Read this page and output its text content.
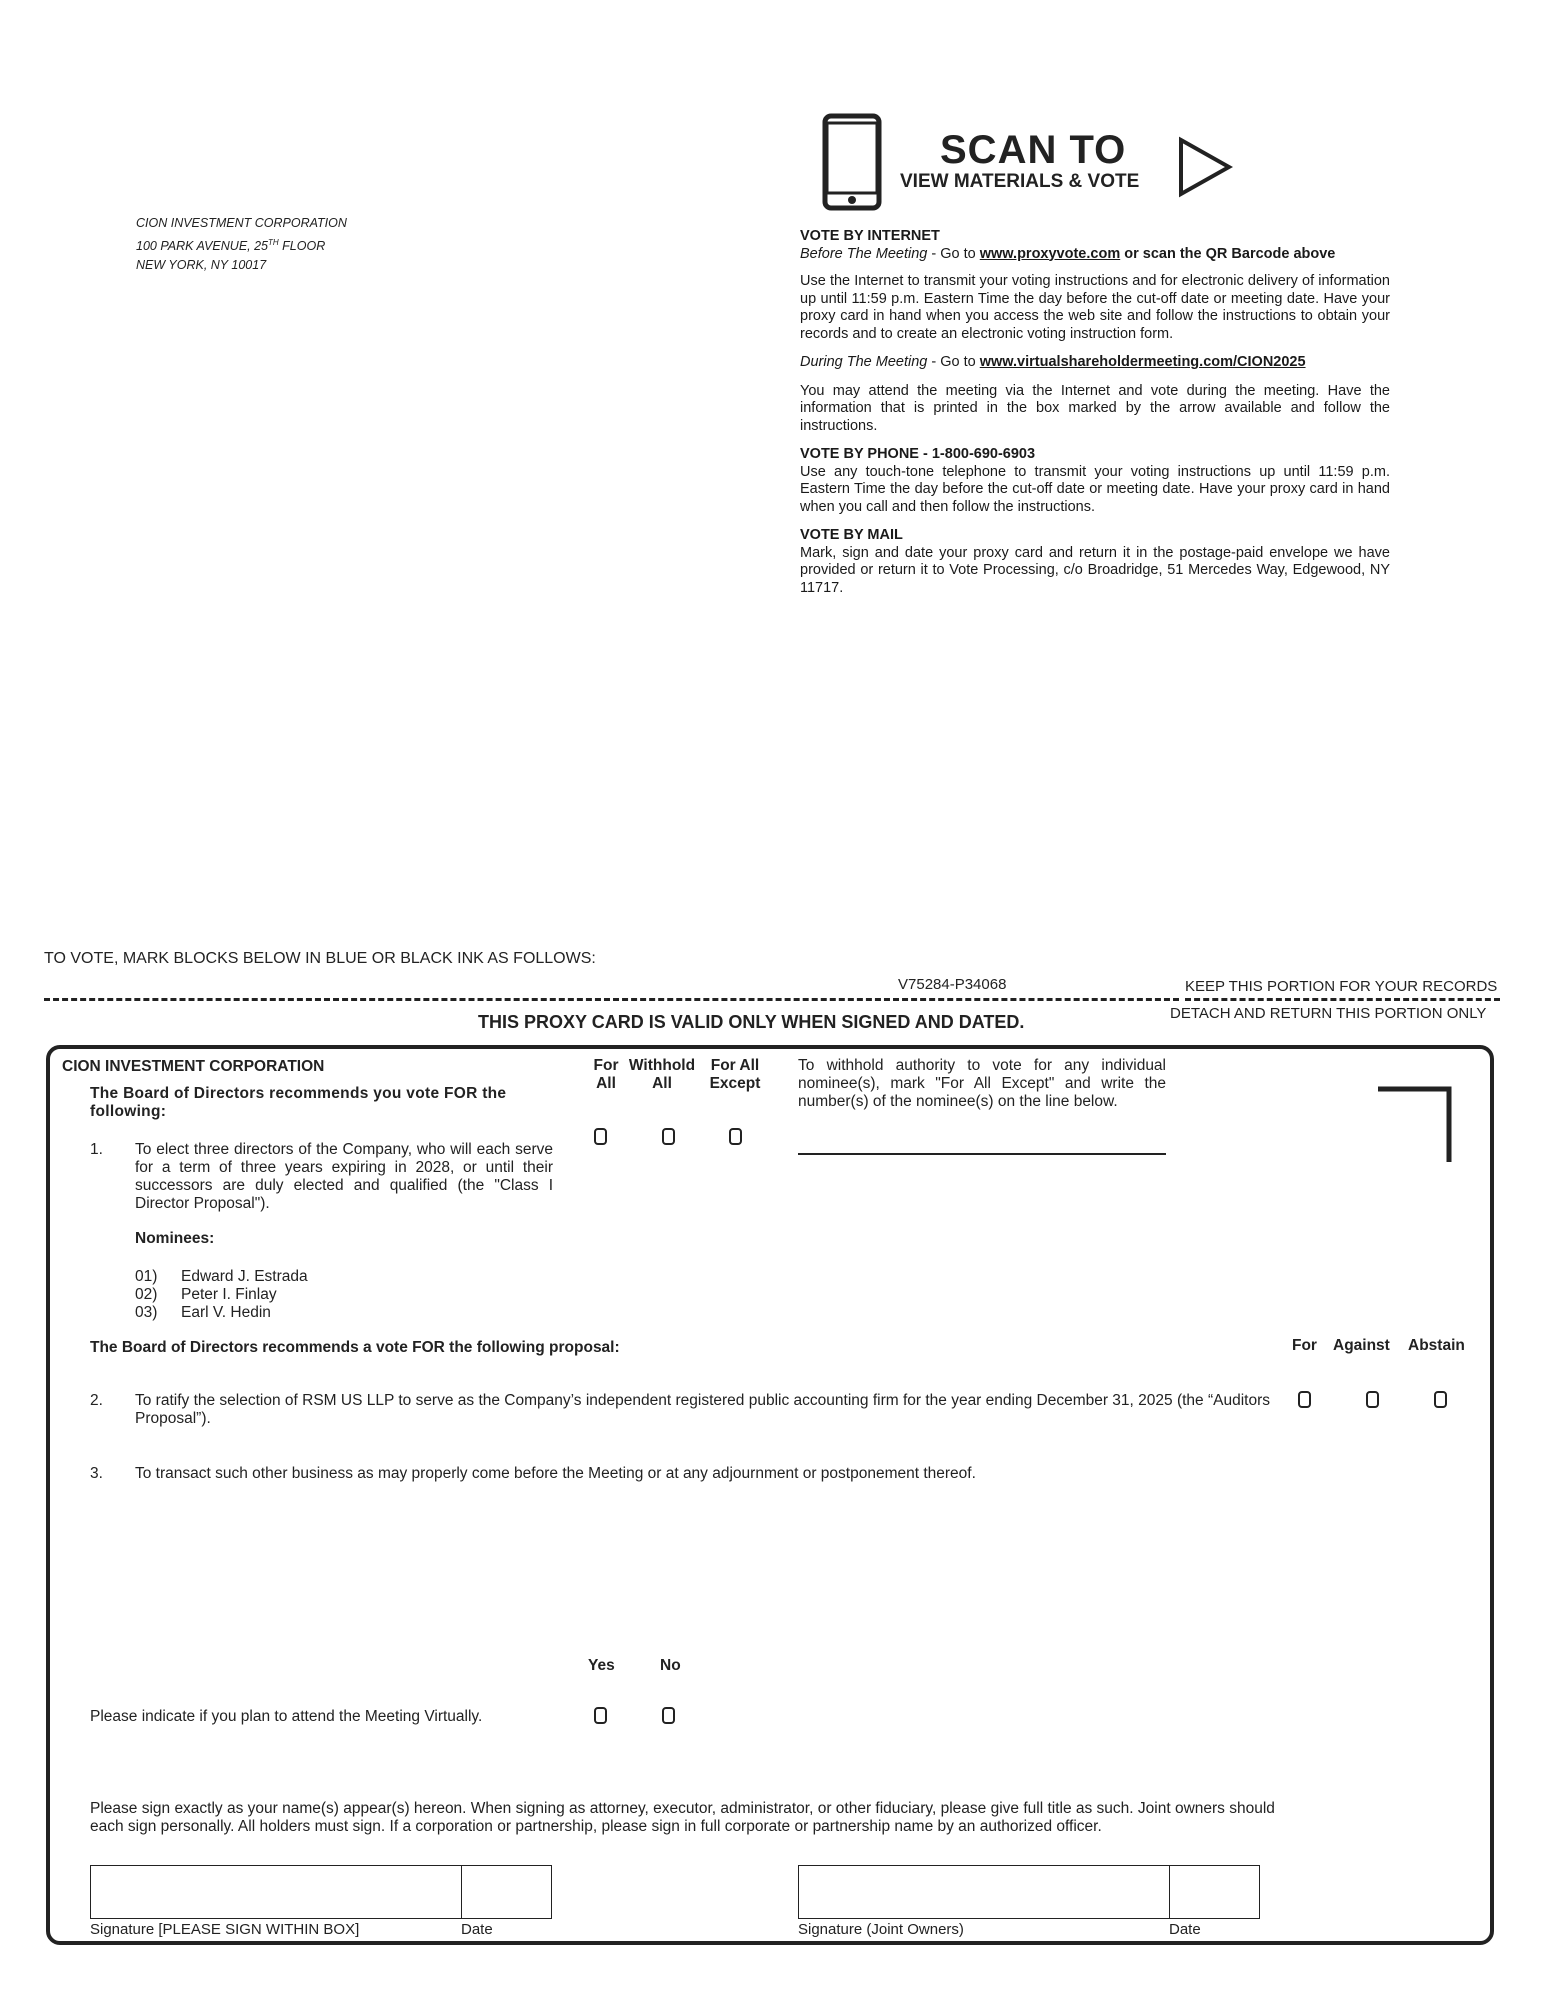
CION INVESTMENT CORPORATION
100 PARK AVENUE, 25TH FLOOR
NEW YORK, NY 10017
SCAN TO
VIEW MATERIALS & VOTE
VOTE BY INTERNET

Before The Meeting - Go to www.proxyvote.com or scan the QR Barcode above

Use the Internet to transmit your voting instructions and for electronic delivery of information up until 11:59 p.m. Eastern Time the day before the cut-off date or meeting date. Have your proxy card in hand when you access the web site and follow the instructions to obtain your records and to create an electronic voting instruction form.

During The Meeting - Go to www.virtualshareholdermeeting.com/CION2025

You may attend the meeting via the Internet and vote during the meeting. Have the information that is printed in the box marked by the arrow available and follow the instructions.

VOTE BY PHONE - 1-800-690-6903

Use any touch-tone telephone to transmit your voting instructions up until 11:59 p.m. Eastern Time the day before the cut-off date or meeting date. Have your proxy card in hand when you call and then follow the instructions.

VOTE BY MAIL

Mark, sign and date your proxy card and return it in the postage-paid envelope we have provided or return it to Vote Processing, c/o Broadridge, 51 Mercedes Way, Edgewood, NY 11717.

TO VOTE, MARK BLOCKS BELOW IN BLUE OR BLACK INK AS FOLLOWS:
V75284-P34068	KEEP THIS PORTION FOR YOUR RECORDS
DETACH AND RETURN THIS PORTION ONLY
THIS PROXY CARD IS VALID ONLY WHEN SIGNED AND DATED.
CION INVESTMENT CORPORATION
The Board of Directors recommends you vote FOR the following:
For All
Withhold All
For All Except
To withhold authority to vote for any individual nominee(s), mark "For All Except" and write the number(s) of the nominee(s) on the line below.
1. To elect three directors of the Company, who will each serve for a term of three years expiring in 2028, or until their successors are duly elected and qualified (the "Class I Director Proposal").
Nominees:
01) Edward J. Estrada
02) Peter I. Finlay
03) Earl V. Hedin
The Board of Directors recommends a vote FOR the following proposal:	For Against Abstain
2. To ratify the selection of RSM US LLP to serve as the Company’s independent registered public accounting firm for the year ending December 31, 2025 (the “Auditors Proposal”).
3. To transact such other business as may properly come before the Meeting or at any adjournment or postponement thereof.
Yes	No
Please indicate if you plan to attend the Meeting Virtually.
Please sign exactly as your name(s) appear(s) hereon. When signing as attorney, executor, administrator, or other fiduciary, please give full title as such. Joint owners should each sign personally. All holders must sign. If a corporation or partnership, please sign in full corporate or partnership name by an authorized officer.
Signature [PLEASE SIGN WITHIN BOX]	Date	Signature (Joint Owners)	Date
